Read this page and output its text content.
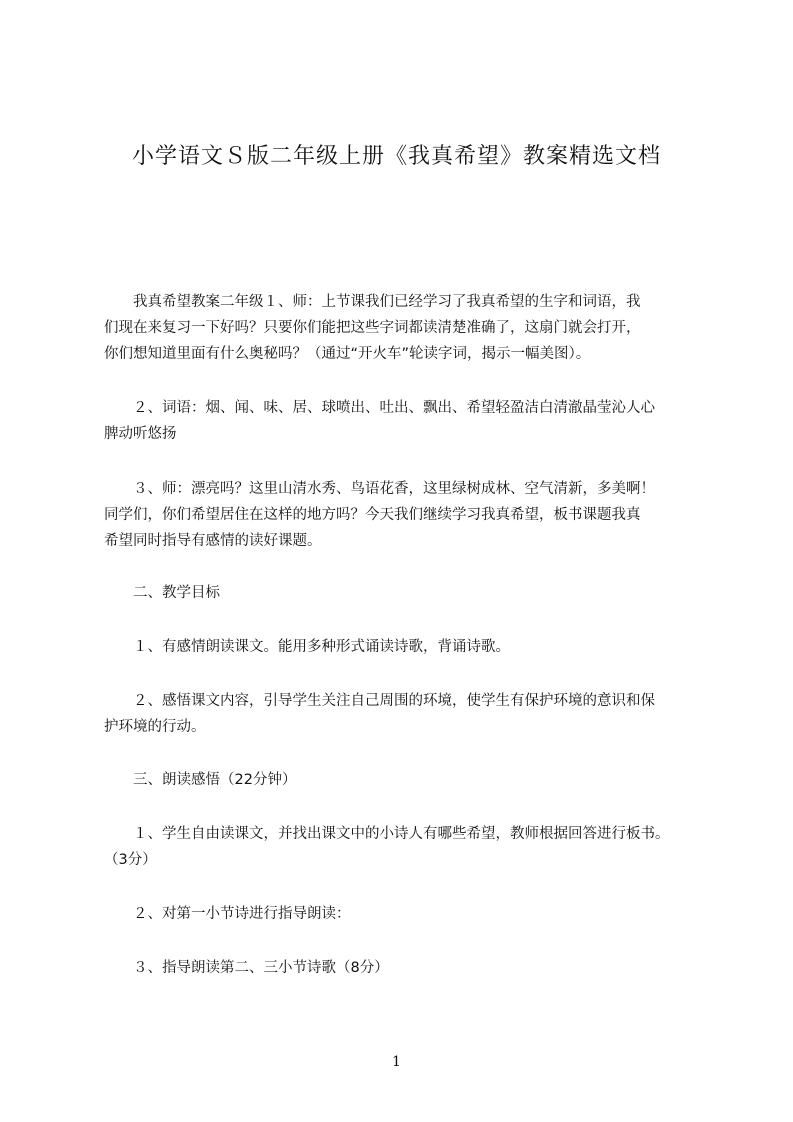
小学语文Ｓ版二年级上册《我真希望》教案精选文档

　　我真希望教案二年级１、师：上节课我们已经学习了我真希望的生字和词语，我
们现在来复习一下好吗？只要你们能把这些字词都读清楚准确了，这扇门就会打开，
你们想知道里面有什么奥秘吗？（通过“开火车”轮读字词，揭示一幅美图）。

　　２、词语：烟、闻、味、居、球喷出、吐出、飘出、希望轻盈洁白清澈晶莹沁人心
脾动听悠扬

　　３、师：漂亮吗？这里山清水秀、鸟语花香，这里绿树成林、空气清新，多美啊！
同学们，你们希望居住在这样的地方吗？今天我们继续学习我真希望，板书课题我真
希望同时指导有感情的读好课题。

　　二、教学目标

　　１、有感情朗读课文。能用多种形式诵读诗歌，背诵诗歌。

　　２、感悟课文内容，引导学生关注自己周围的环境，使学生有保护环境的意识和保
护环境的行动。

　　三、朗读感悟（22分钟）

　　１、学生自由读课文，并找出课文中的小诗人有哪些希望，教师根据回答进行板书。
（3分）

　　２、对第一小节诗进行指导朗读：

　　３、指导朗读第二、三小节诗歌（8分）

1
